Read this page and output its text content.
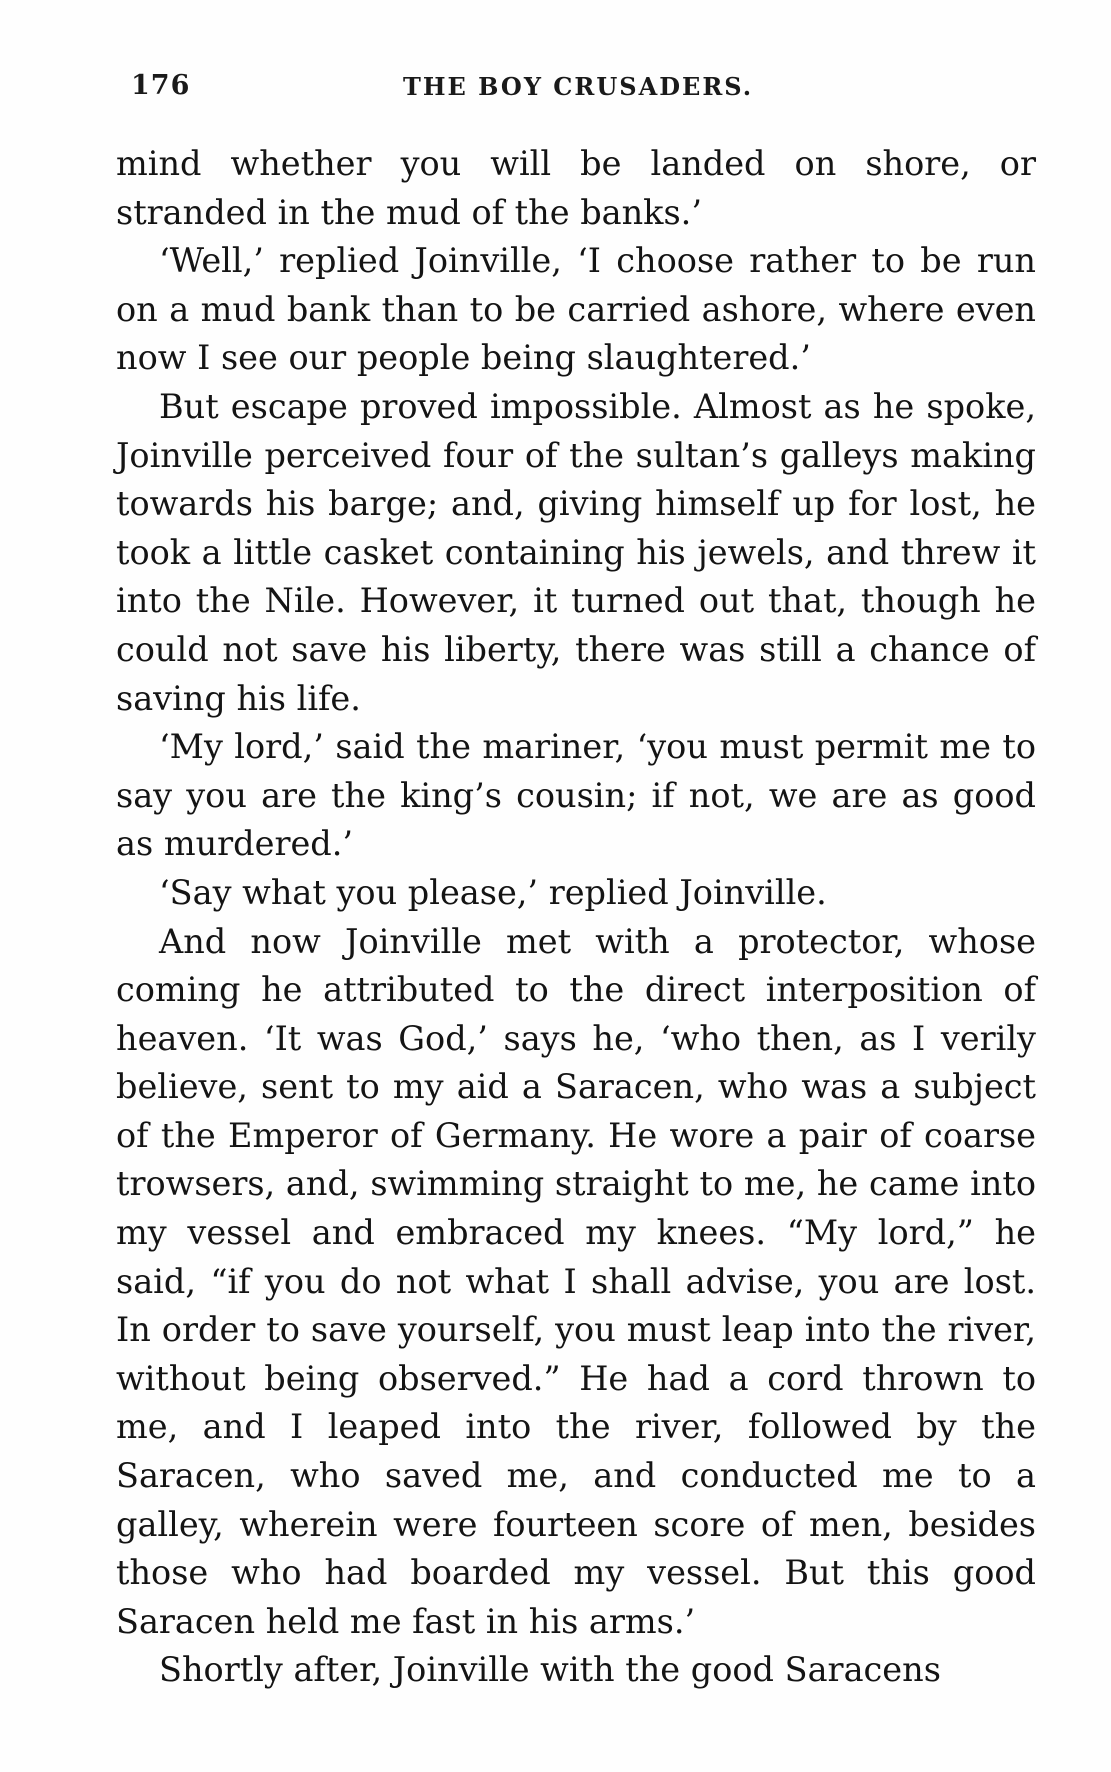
176	THE BOY CRUSADERS.

mind whether you will be landed on shore, or stranded in the mud of the banks.’

‘Well,’ replied Joinville, ‘I choose rather to be run on a mud bank than to be carried ashore, where even now I see our people being slaughtered.’

But escape proved impossible. Almost as he spoke, Joinville perceived four of the sultan’s galleys making towards his barge; and, giving himself up for lost, he took a little casket containing his jewels, and threw it into the Nile. However, it turned out that, though he could not save his liberty, there was still a chance of saving his life.

‘My lord,’ said the mariner, ‘you must permit me to say you are the king’s cousin; if not, we are as good as murdered.’

‘Say what you please,’ replied Joinville.

And now Joinville met with a protector, whose coming he attributed to the direct interposition of heaven. ‘It was God,’ says he, ‘who then, as I verily believe, sent to my aid a Saracen, who was a subject of the Emperor of Germany. He wore a pair of coarse trowsers, and, swimming straight to me, he came into my vessel and embraced my knees. “My lord,” he said, “if you do not what I shall advise, you are lost. In order to save yourself, you must leap into the river, without being observed.” He had a cord thrown to me, and I leaped into the river, followed by the Saracen, who saved me, and conducted me to a galley, wherein were fourteen score of men, besides those who had boarded my vessel. But this good Saracen held me fast in his arms.’

Shortly after, Joinville with the good Saracens
